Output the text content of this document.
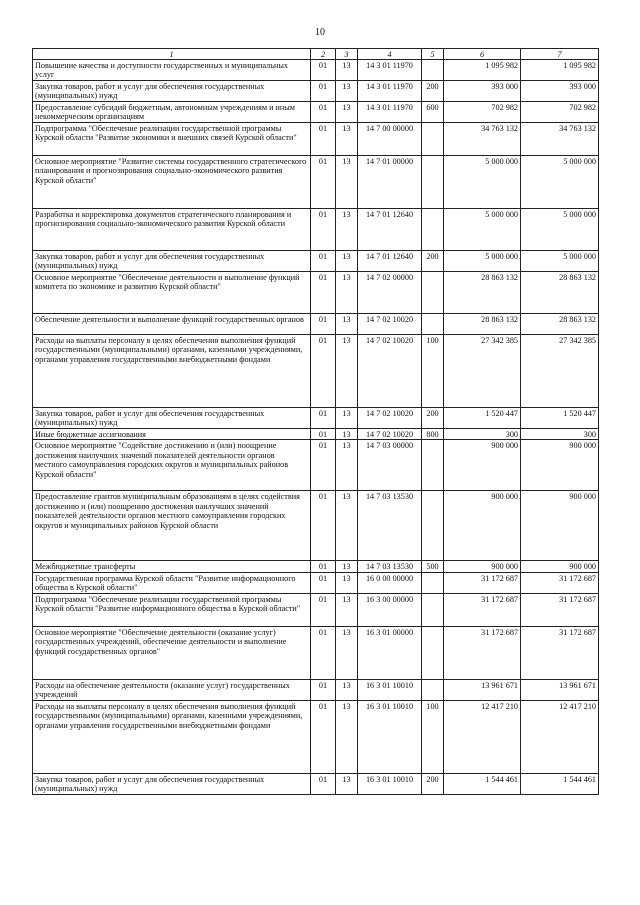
10
1	2	3	4	5	6	7
Повышение качества и доступности государственных и муниципальных услуг	01	13	14 3 01 11970		1 095 982	1 095 982
Закупка товаров, работ и услуг для обеспечения государственных (муниципальных) нужд	01	13	14 3 01 11970	200	393 000	393 000
Предоставление субсидий бюджетным, автономным учреждениям и иным некоммерческим организациям	01	13	14 3 01 11970	600	702 982	702 982
Подпрограмма "Обеспечение реализации государственной программы Курской области "Развитие экономики и внешних связей Курской области"	01	13	14 7 00 00000		34 763 132	34 763 132
Основное мероприятие "Развитие системы государственного стратегического планирования и прогнозирования социально-экономического развития Курской области"	01	13	14 7 01 00000		5 000 000	5 000 000
Разработка и корректировка документов стратегического планирования и прогнозирования социально-экономического развития Курской области	01	13	14 7 01 12640		5 000 000	5 000 000
Закупка товаров, работ и услуг для обеспечения государственных (муниципальных) нужд	01	13	14 7 01 12640	200	5 000 000	5 000 000
Основное мероприятие "Обеспечение деятельности и выполнение функций комитета по экономике и развитию Курской области"	01	13	14 7 02 00000		28 863 132	28 863 132
Обеспечение деятельности и выполнение функций государственных органов	01	13	14 7 02 10020		28 863 132	28 863 132
Расходы на выплаты персоналу в целях обеспечения выполнения функций государственными (муниципальными) органами, казенными учреждениями, органами управления государственными внебюджетными фондами	01	13	14 7 02 10020	100	27 342 385	27 342 385
Закупка товаров, работ и услуг для обеспечения государственных (муниципальных) нужд	01	13	14 7 02 10020	200	1 520 447	1 520 447
Иные бюджетные ассигнования	01	13	14 7 02 10020	800	300	300
Основное мероприятие "Содействие достижению и (или) поощрение достижения наилучших значений показателей деятельности органов местного самоуправления городских округов и муниципальных районов Курской области"	01	13	14 7 03 00000		900 000	900 000
Предоставление грантов муниципальным образованиям в целях содействия достижению и (или) поощрению достижения наилучших значений показателей деятельности органов местного самоуправления городских округов и муниципальных районов Курской области	01	13	14 7 03 13530		900 000	900 000
Межбюджетные трансферты	01	13	14 7 03 13530	500	900 000	900 000
Государственная программа Курской области "Развитие информационного общества в Курской области"	01	13	16 0 00 00000		31 172 687	31 172 687
Подпрограмма "Обеспечение реализации государственной программы Курской области "Развитие информационного общества в Курской области"	01	13	16 3 00 00000		31 172 687	31 172 687
Основное мероприятие "Обеспечение деятельности (оказание услуг) государственных учреждений, обеспечение деятельности и выполнение функций государственных органов"	01	13	16 3 01 00000		31 172 687	31 172 687
Расходы на обеспечение деятельности (оказание услуг) государственных учреждений	01	13	16 3 01 10010		13 961 671	13 961 671
Расходы на выплаты персоналу в целях обеспечения выполнения функций государственными (муниципальными) органами, казенными учреждениями, органами управления государственными внебюджетными фондами	01	13	16 3 01 10010	100	12 417 210	12 417 210
Закупка товаров, работ и услуг для обеспечения государственных (муниципальных) нужд	01	13	16 3 01 10010	200	1 544 461	1 544 461
